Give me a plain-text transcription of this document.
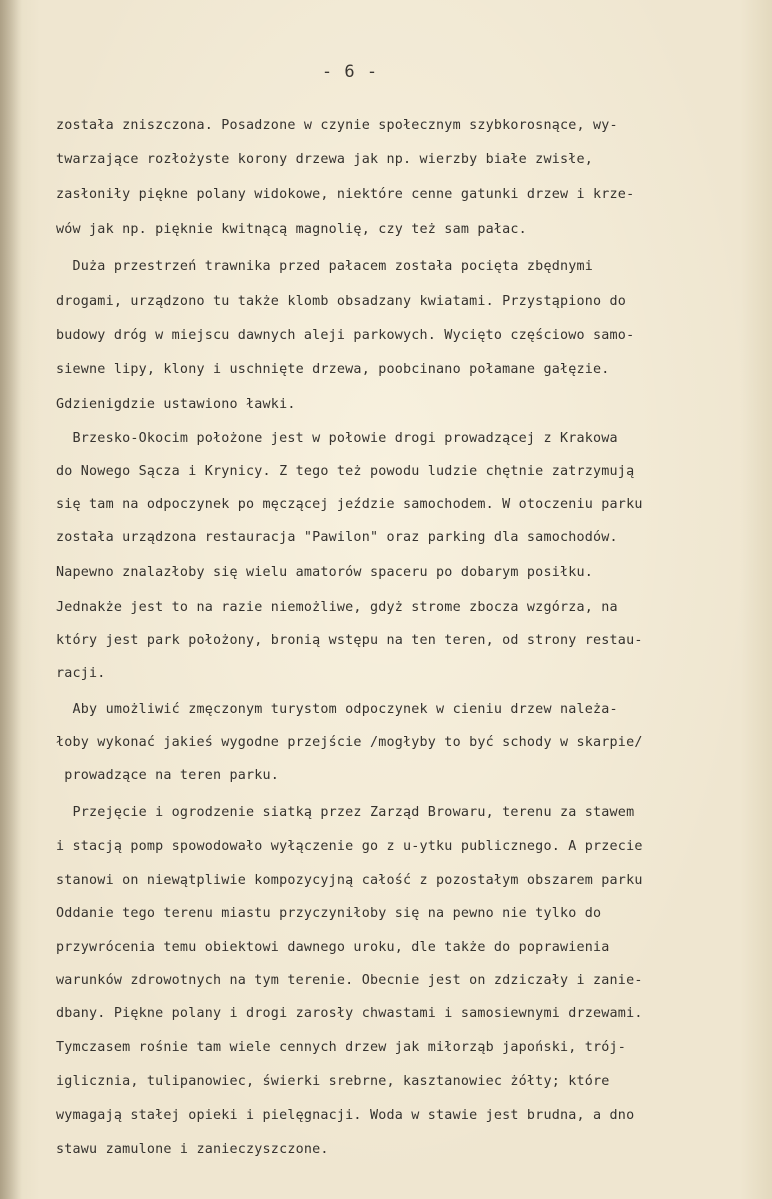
- 6 -
została zniszczona. Posadzone w czynie społecznym szybkorosnące, wy-
twarzające rozłożyste korony drzewa jak np. wierzby białe zwisłe,
zasłoniły piękne polany widokowe, niektóre cenne gatunki drzew i krze-
wów jak np. pięknie kwitnącą magnolię, czy też sam pałac.
Duża przestrzeń trawnika przed pałacem została pocięta zbędnymi
drogami, urządzono tu także klomb obsadzany kwiatami. Przystąpiono do
budowy dróg w miejscu dawnych alejі parkowych. Wycięto częściowo samo-
siewne lipy, klony i uschnięte drzewa, poobcinano połamane gałęzie.
Gdzienigdzie ustawiono ławki.
Brzesko-Okocim położone jest w połowie drogi prowadzącej z Krakowa
do Nowego Sącza i Krynicy. Z tego też powodu ludzie chętnie zatrzymują
się tam na odpoczynek po męczącej jeździe samochodem. W otoczeniu parku
została urządzona restauracja "Pawilon" oraz parking dla samochodów.
Napewno znalazłoby się wielu amatorów spaceru po dobarym posiłku.
Jednakże jest to na razie niemożliwe, gdyż strome zbocza wzgórza, na
który jest park położony, bronią wstępu na ten teren, od strony restau-
racji.
Aby umożliwić zmęczonym turystom odpoczynek w cieniu drzew należa-
łoby wykonać jakieś wygodne przejście /mogłyby to być schody w skarpie/
prowadzące na teren parku.
Przejęcie i ogrodzenie siatką przez Zarząd Browaru, terenu za stawem
i stacją pomp spowodowało wyłączenie go z u-ytku publicznego. A przecie
stanowi on niewątpliwie kompozycyjną całość z pozostałym obszarem parku
Oddanie tego terenu miastu przyczyniłoby się na pewno nie tylko do
przywrócenia temu obiektowi dawnego uroku, dle także do poprawienia
warunków zdrowotnych na tym terenie. Obecnie jest on zdziczały i zanie-
dbany. Piękne polany i drogi zarosły chwastami i samosiewnymi drzewami.
Tymczasem rośnie tam wiele cennych drzew jak miłorząb japoński, trój-
iglicznia, tulipanowiec, świerki srebrne, kasztanowiec żółty; które
wymagają stałej opieki i pielęgnacji. Woda w stawie jest brudna, a dno
stawu zamulone i zanieczyszczone.
